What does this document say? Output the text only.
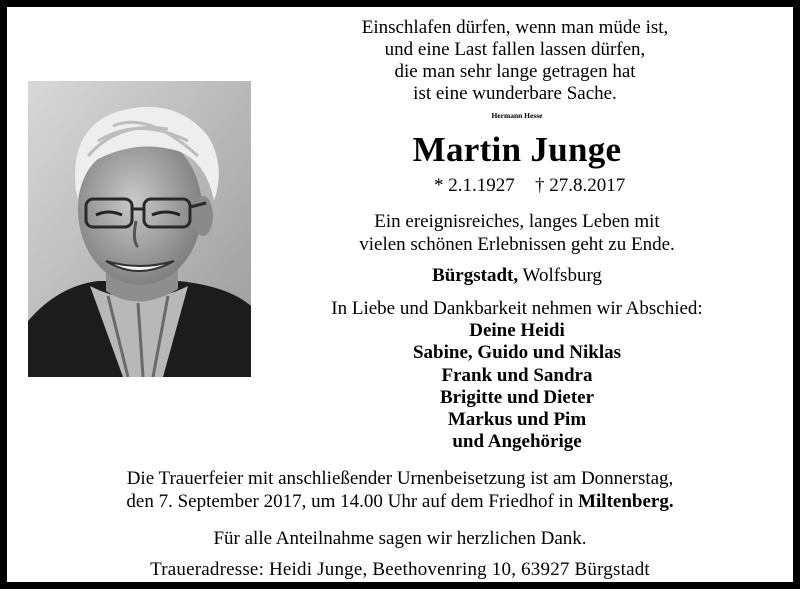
Einschlafen dürfen, wenn man müde ist,
und eine Last fallen lassen dürfen,
die man sehr lange getragen hat
ist eine wunderbare Sache.
Hermann Hesse
Martin Junge
* 2.1.1927 † 27.8.2017
Ein ereignisreiches, langes Leben mit
vielen schönen Erlebnissen geht zu Ende.
Bürgstadt, Wolfsburg
In Liebe und Dankbarkeit nehmen wir Abschied:
Deine Heidi
Sabine, Guido und Niklas
Frank und Sandra
Brigitte und Dieter
Markus und Pim
und Angehörige
Die Trauerfeier mit anschließender Urnenbeisetzung ist am Donnerstag,
den 7. September 2017, um 14.00 Uhr auf dem Friedhof in Miltenberg.
Für alle Anteilnahme sagen wir herzlichen Dank.
Traueradresse: Heidi Junge, Beethovenring 10, 63927 Bürgstadt
